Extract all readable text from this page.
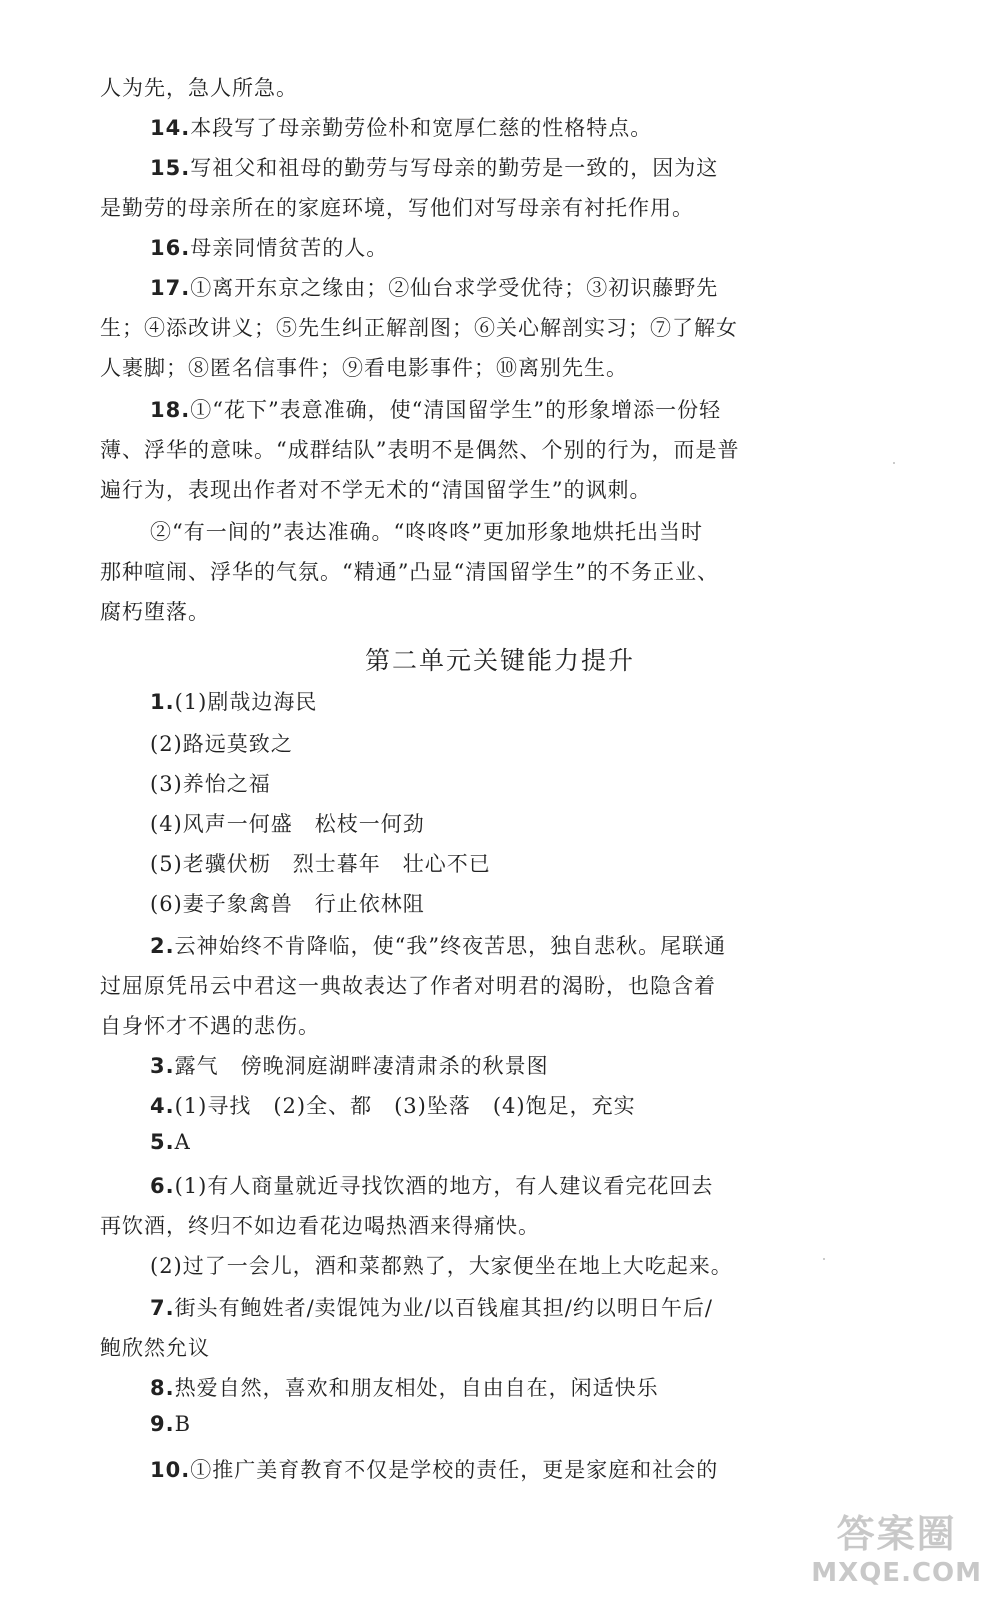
人为先，急人所急。
14.本段写了母亲勤劳俭朴和宽厚仁慈的性格特点。
15.写祖父和祖母的勤劳与写母亲的勤劳是一致的，因为这
是勤劳的母亲所在的家庭环境，写他们对写母亲有衬托作用。
16.母亲同情贫苦的人。
17.①离开东京之缘由；②仙台求学受优待；③初识藤野先
生；④添改讲义；⑤先生纠正解剖图；⑥关心解剖实习；⑦了解女
人裹脚；⑧匿名信事件；⑨看电影事件；⑩离别先生。
18.①“花下”表意准确，使“清国留学生”的形象增添一份轻
薄、浮华的意味。“成群结队”表明不是偶然、个别的行为，而是普
遍行为，表现出作者对不学无术的“清国留学生”的讽刺。
②“有一间的”表达准确。“咚咚咚”更加形象地烘托出当时
那种喧闹、浮华的气氛。“精通”凸显“清国留学生”的不务正业、
腐朽堕落。
第二单元关键能力提升
1.(1)剧哉边海民
(2)路远莫致之
(3)养怡之福
(4)风声一何盛　松枝一何劲
(5)老骥伏枥　烈士暮年　壮心不已
(6)妻子象禽兽　行止依林阻
2.云神始终不肯降临，使“我”终夜苦思，独自悲秋。尾联通
过屈原凭吊云中君这一典故表达了作者对明君的渴盼，也隐含着
自身怀才不遇的悲伤。
3.露气　傍晚洞庭湖畔凄清肃杀的秋景图
4.(1)寻找　(2)全、都　(3)坠落　(4)饱足，充实
5.A
6.(1)有人商量就近寻找饮酒的地方，有人建议看完花回去
再饮酒，终归不如边看花边喝热酒来得痛快。
(2)过了一会儿，酒和菜都熟了，大家便坐在地上大吃起来。
7.街头有鲍姓者/卖馄饨为业/以百钱雇其担/约以明日午后/
鲍欣然允议
8.热爱自然，喜欢和朋友相处，自由自在，闲适快乐
9.B
10.①推广美育教育不仅是学校的责任，更是家庭和社会的
答案圈
MXQE.COM
